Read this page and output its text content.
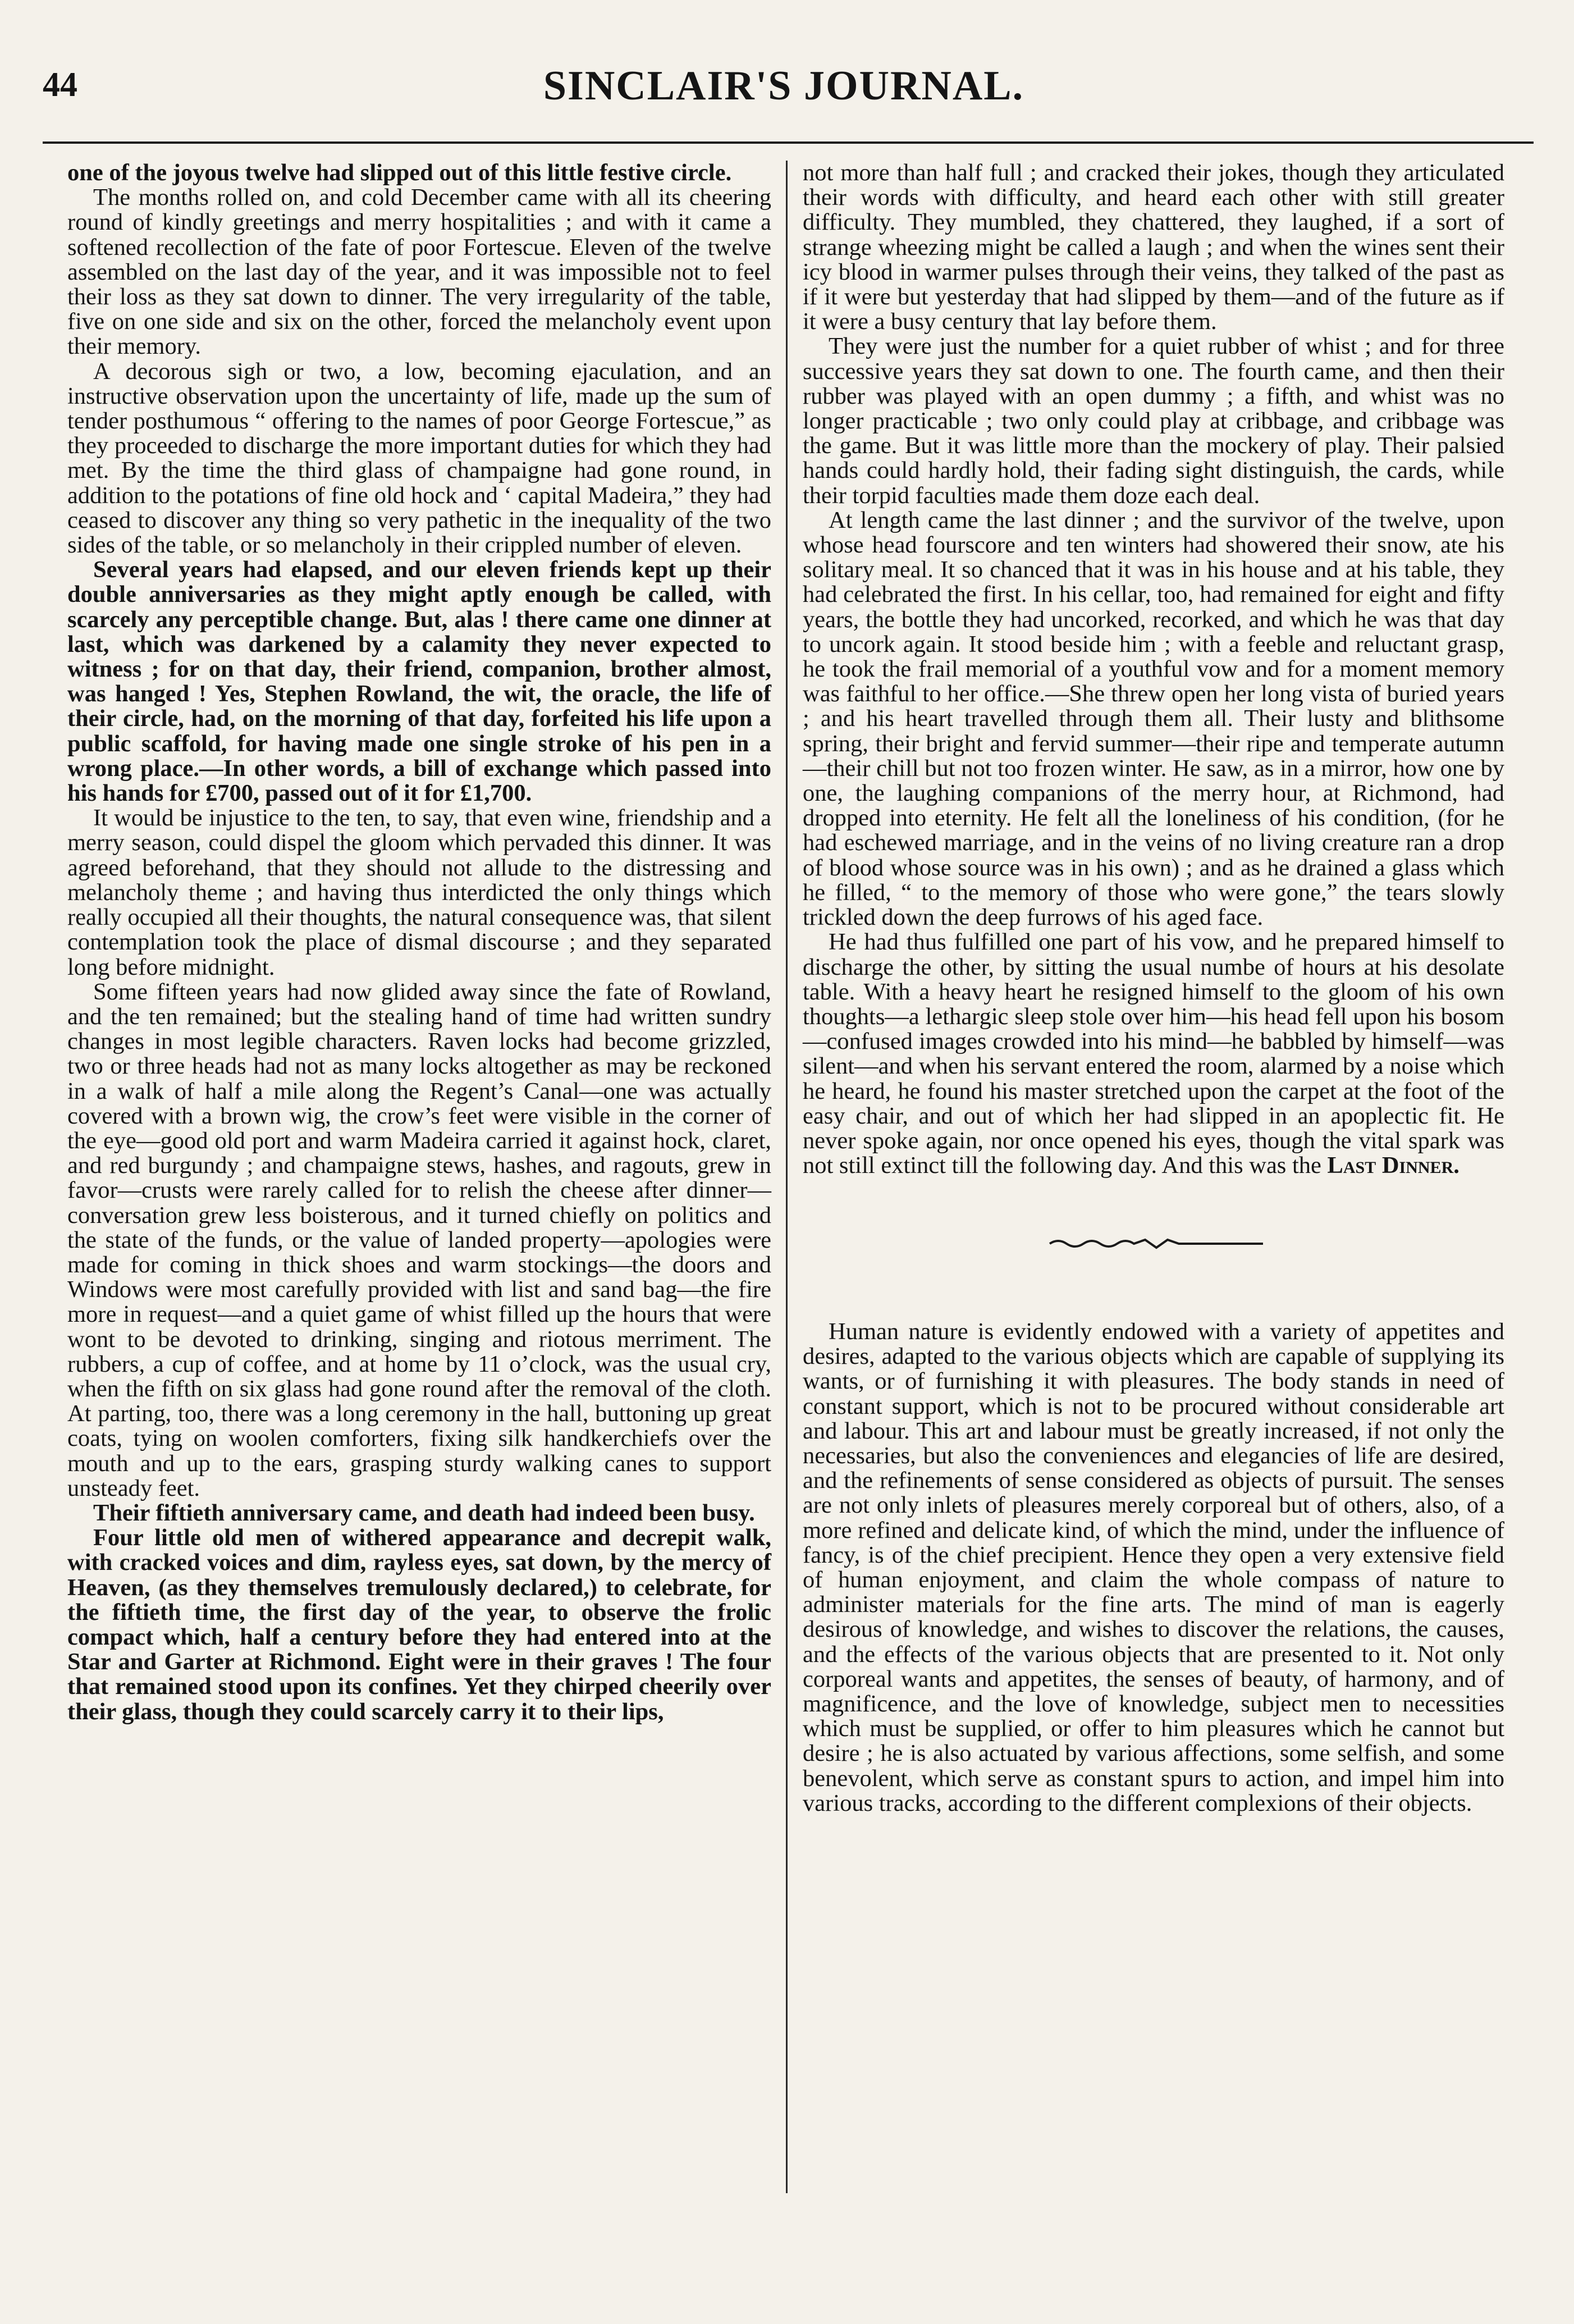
44	SINCLAIR'S JOURNAL.

one of the joyous twelve had slipped out of this little festive circle.

The months rolled on, and cold December came with all its cheering round of kindly greetings and merry hospitalities ; and with it came a softened recollection of the fate of poor Fortescue. Eleven of the twelve assembled on the last day of the year, and it was impossible not to feel their loss as they sat down to dinner. The very irregularity of the table, five on one side and six on the other, forced the melancholy event upon their memory.

A decorous sigh or two, a low, becoming ejaculation, and an instructive observation upon the uncertainty of life, made up the sum of tender posthumous “ offering to the names of poor George Fortescue,” as they proceeded to discharge the more important duties for which they had met. By the time the third glass of champaigne had gone round, in addition to the potations of fine old hock and ‘ capital Madeira,” they had ceased to discover any thing so very pathetic in the inequality of the two sides of the table, or so melancholy in their crippled number of eleven.

Several years had elapsed, and our eleven friends kept up their double anniversaries as they might aptly enough be called, with scarcely any perceptible change. But, alas ! there came one dinner at last, which was darkened by a calamity they never expected to witness ; for on that day, their friend, companion, brother almost, was hanged ! Yes, Stephen Rowland, the wit, the oracle, the life of their circle, had, on the morning of that day, forfeited his life upon a public scaffold, for having made one single stroke of his pen in a wrong place.—In other words, a bill of exchange which passed into his hands for £700, passed out of it for £1,700.

It would be injustice to the ten, to say, that even wine, friendship and a merry season, could dispel the gloom which pervaded this dinner. It was agreed beforehand, that they should not allude to the distressing and melancholy theme ; and having thus interdicted the only things which really occupied all their thoughts, the natural consequence was, that silent contemplation took the place of dismal discourse ; and they separated long before midnight.

Some fifteen years had now glided away since the fate of Rowland, and the ten remained; but the stealing hand of time had written sundry changes in most legible characters. Raven locks had become grizzled, two or three heads had not as many locks altogether as may be reckoned in a walk of half a mile along the Regent’s Canal—one was actually covered with a brown wig, the crow’s feet were visible in the corner of the eye—good old port and warm Madeira carried it against hock, claret, and red burgundy ; and champaigne stews, hashes, and ragouts, grew in favor—crusts were rarely called for to relish the cheese after dinner—conversation grew less boisterous, and it turned chiefly on politics and the state of the funds, or the value of landed property—apologies were made for coming in thick shoes and warm stockings—the doors and Windows were most carefully provided with list and sand bag—the fire more in request—and a quiet game of whist filled up the hours that were wont to be devoted to drinking, singing and riotous merriment. The rubbers, a cup of coffee, and at home by 11 o’clock, was the usual cry, when the fifth on six glass had gone round after the removal of the cloth. At parting, too, there was a long ceremony in the hall, buttoning up great coats, tying on woolen comforters, fixing silk handkerchiefs over the mouth and up to the ears, grasping sturdy walking canes to support unsteady feet.

Their fiftieth anniversary came, and death had indeed been busy.

Four little old men of withered appearance and decrepit walk, with cracked voices and dim, rayless eyes, sat down, by the mercy of Heaven, (as they themselves tremulously declared,) to celebrate, for the fiftieth time, the first day of the year, to observe the frolic compact which, half a century before they had entered into at the Star and Garter at Richmond. Eight were in their graves ! The four that remained stood upon its confines. Yet they chirped cheerily over their glass, though they could scarcely carry it to their lips,

not more than half full ; and cracked their jokes, though they articulated their words with difficulty, and heard each other with still greater difficulty. They mumbled, they chattered, they laughed, if a sort of strange wheezing might be called a laugh ; and when the wines sent their icy blood in warmer pulses through their veins, they talked of the past as if it were but yesterday that had slipped by them—and of the future as if it were a busy century that lay before them.

They were just the number for a quiet rubber of whist ; and for three successive years they sat down to one. The fourth came, and then their rubber was played with an open dummy ; a fifth, and whist was no longer practicable ; two only could play at cribbage, and cribbage was the game. But it was little more than the mockery of play. Their palsied hands could hardly hold, their fading sight distinguish, the cards, while their torpid faculties made them doze each deal.

At length came the last dinner ; and the survivor of the twelve, upon whose head fourscore and ten winters had showered their snow, ate his solitary meal. It so chanced that it was in his house and at his table, they had celebrated the first. In his cellar, too, had remained for eight and fifty years, the bottle they had uncorked, recorked, and which he was that day to uncork again. It stood beside him ; with a feeble and reluctant grasp, he took the frail memorial of a youthful vow and for a moment memory was faithful to her office.—She threw open her long vista of buried years ; and his heart travelled through them all. Their lusty and blithsome spring, their bright and fervid summer—their ripe and temperate autumn—their chill but not too frozen winter. He saw, as in a mirror, how one by one, the laughing companions of the merry hour, at Richmond, had dropped into eternity. He felt all the loneliness of his condition, (for he had eschewed marriage, and in the veins of no living creature ran a drop of blood whose source was in his own) ; and as he drained a glass which he filled, “ to the memory of those who were gone,” the tears slowly trickled down the deep furrows of his aged face.

He had thus fulfilled one part of his vow, and he prepared himself to discharge the other, by sitting the usual numbe of hours at his desolate table. With a heavy heart he resigned himself to the gloom of his own thoughts—a lethargic sleep stole over him—his head fell upon his bosom—confused images crowded into his mind—he babbled by himself—was silent—and when his servant entered the room, alarmed by a noise which he heard, he found his master stretched upon the carpet at the foot of the easy chair, and out of which her had slipped in an apoplectic fit. He never spoke again, nor once opened his eyes, though the vital spark was not still extinct till the following day. And this was the Last Dinner.

Human nature is evidently endowed with a variety of appetites and desires, adapted to the various objects which are capable of supplying its wants, or of furnishing it with pleasures. The body stands in need of constant support, which is not to be procured without considerable art and labour. This art and labour must be greatly increased, if not only the necessaries, but also the conveniences and elegancies of life are desired, and the refinements of sense considered as objects of pursuit. The senses are not only inlets of pleasures merely corporeal but of others, also, of a more refined and delicate kind, of which the mind, under the influence of fancy, is of the chief precipient. Hence they open a very extensive field of human enjoyment, and claim the whole compass of nature to administer materials for the fine arts. The mind of man is eagerly desirous of knowledge, and wishes to discover the relations, the causes, and the effects of the various objects that are presented to it. Not only corporeal wants and appetites, the senses of beauty, of harmony, and of magnificence, and the love of knowledge, subject men to necessities which must be supplied, or offer to him pleasures which he cannot but desire ; he is also actuated by various affections, some selfish, and some benevolent, which serve as constant spurs to action, and impel him into various tracks, according to the different complexions of their objects.
